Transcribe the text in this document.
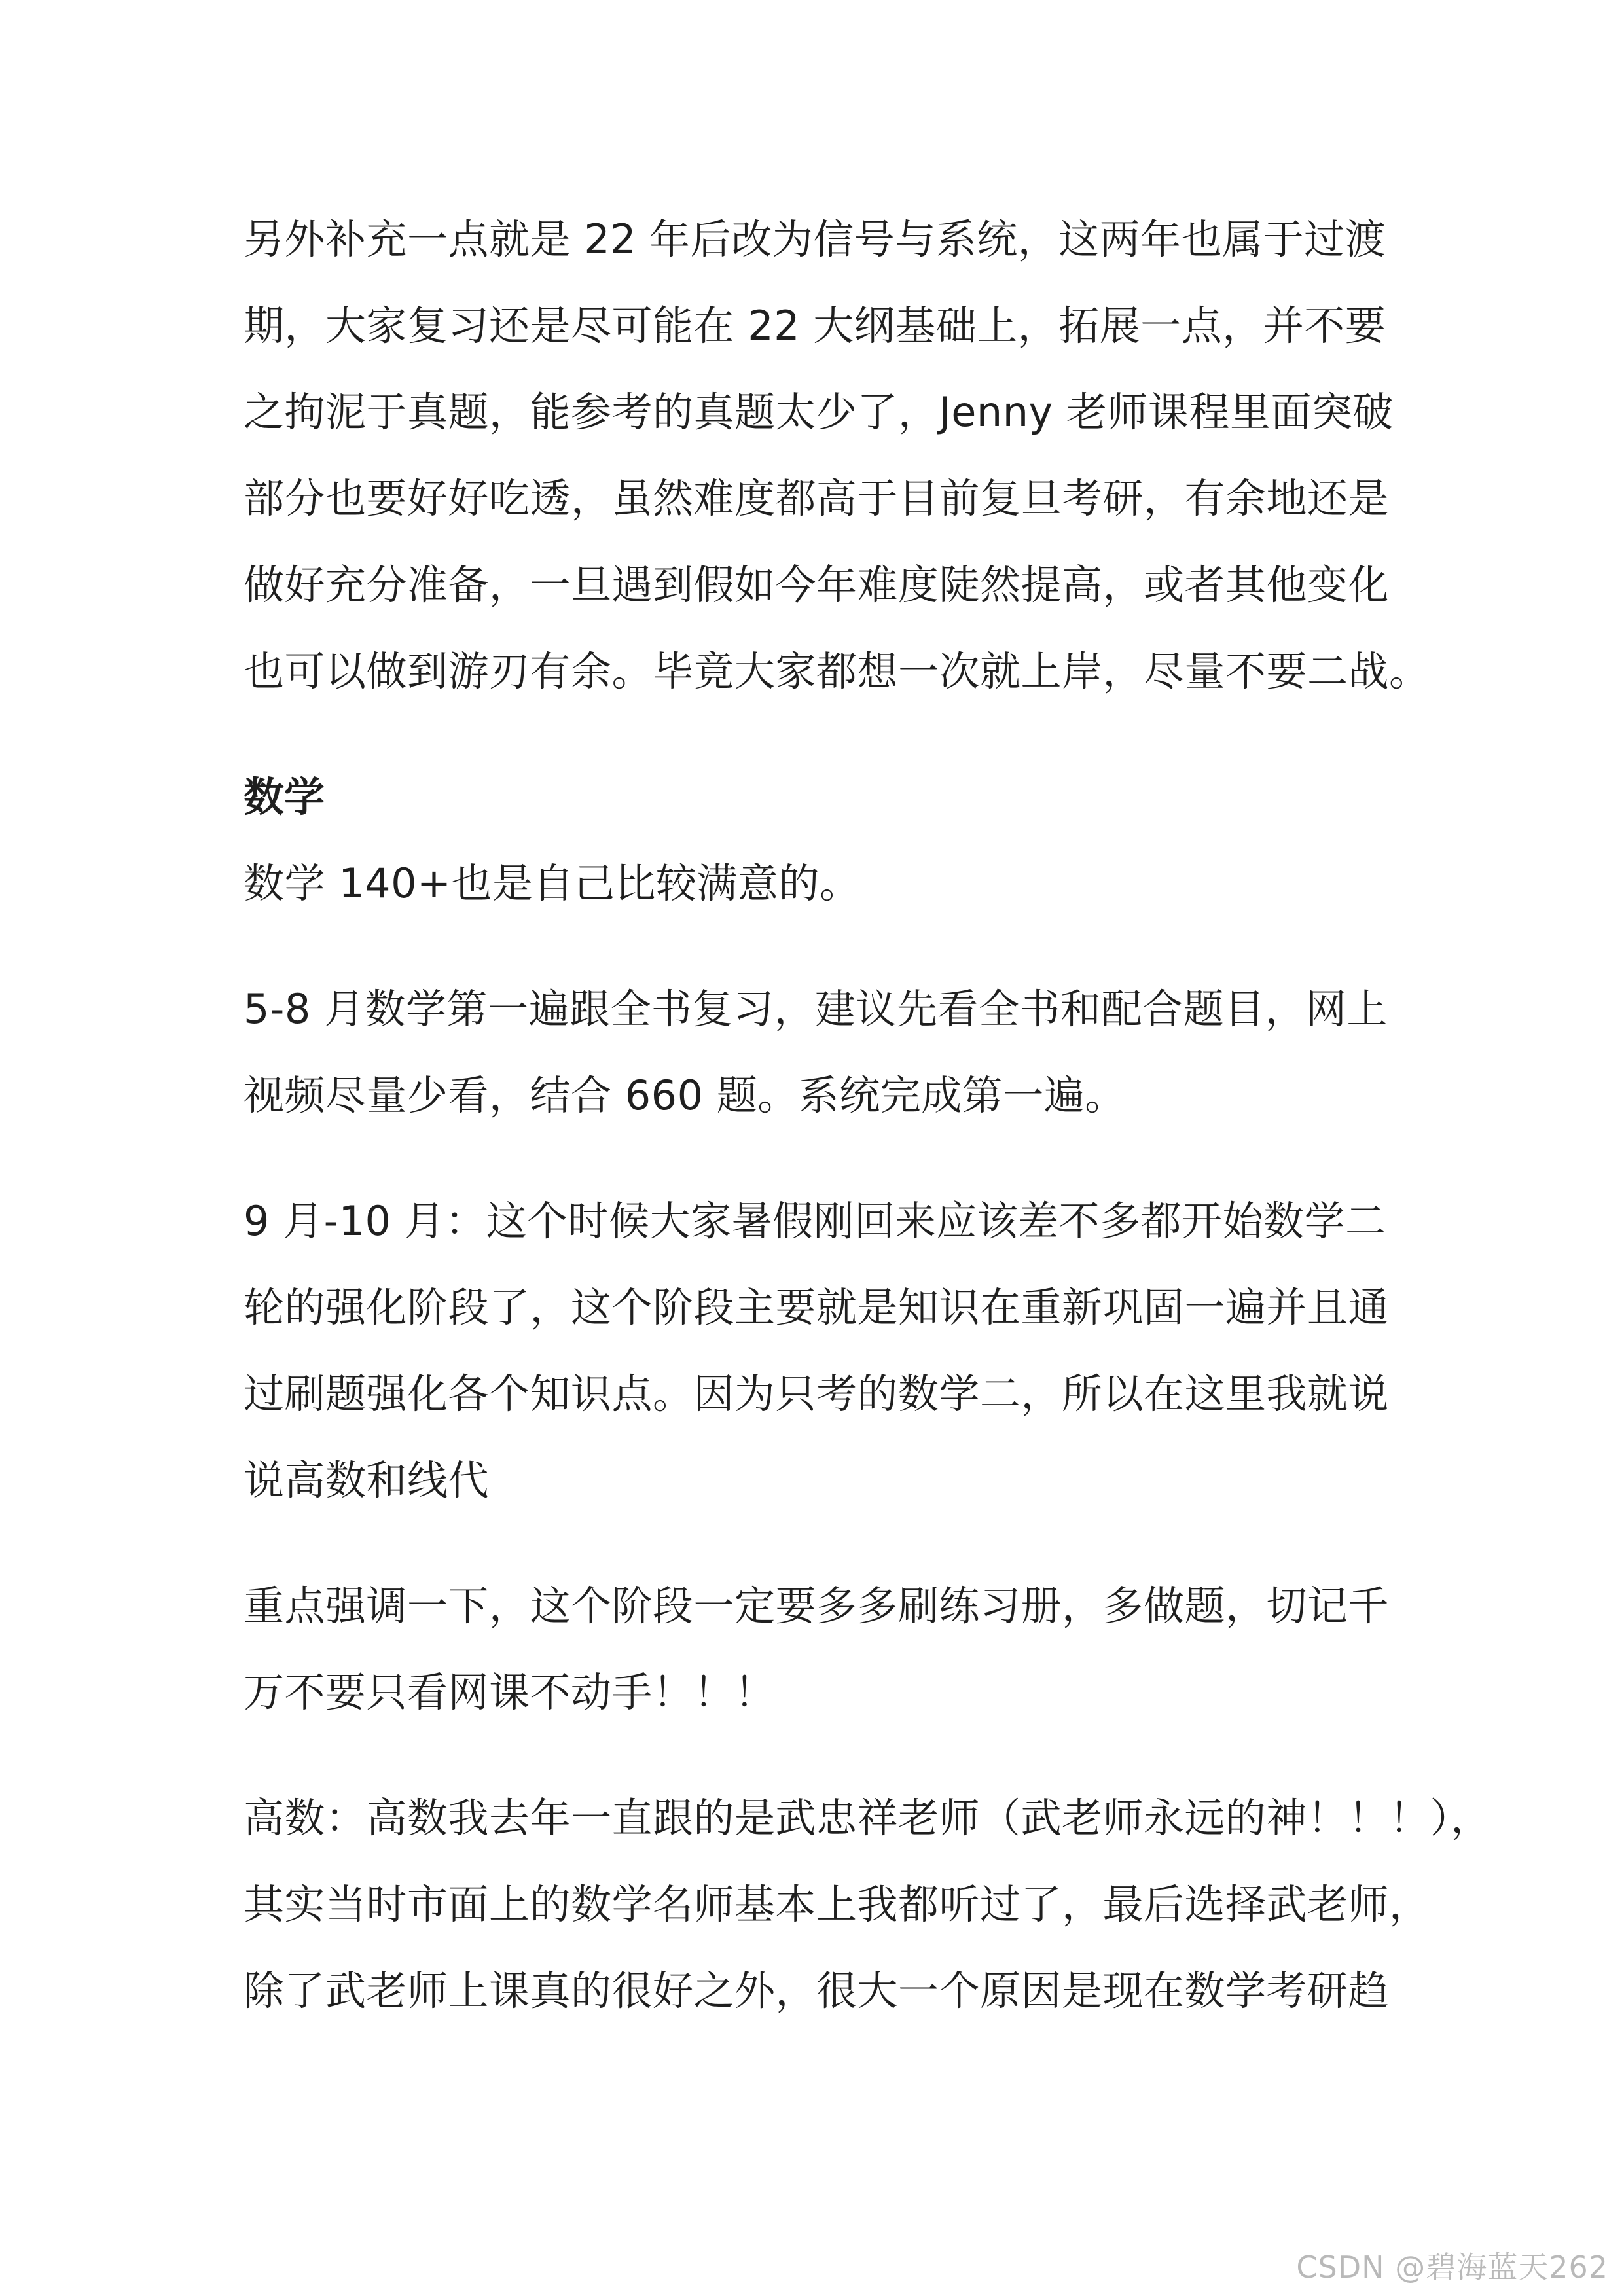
另外补充一点就是 22 年后改为信号与系统，这两年也属于过渡
期，大家复习还是尽可能在 22 大纲基础上，拓展一点，并不要
之拘泥于真题，能参考的真题太少了，Jenny 老师课程里面突破
部分也要好好吃透，虽然难度都高于目前复旦考研，有余地还是
做好充分准备，一旦遇到假如今年难度陡然提高，或者其他变化
也可以做到游刃有余。毕竟大家都想一次就上岸，尽量不要二战。

数学

数学 140+也是自己比较满意的。

5-8 月数学第一遍跟全书复习，建议先看全书和配合题目，网上
视频尽量少看，结合 660 题。系统完成第一遍。

9 月-10 月：这个时候大家暑假刚回来应该差不多都开始数学二
轮的强化阶段了，这个阶段主要就是知识在重新巩固一遍并且通
过刷题强化各个知识点。因为只考的数学二，所以在这里我就说
说高数和线代

重点强调一下，这个阶段一定要多多刷练习册，多做题，切记千
万不要只看网课不动手！！！

高数：高数我去年一直跟的是武忠祥老师（武老师永远的神！！！），
其实当时市面上的数学名师基本上我都听过了，最后选择武老师，
除了武老师上课真的很好之外，很大一个原因是现在数学考研趋

CSDN @碧海蓝天262
